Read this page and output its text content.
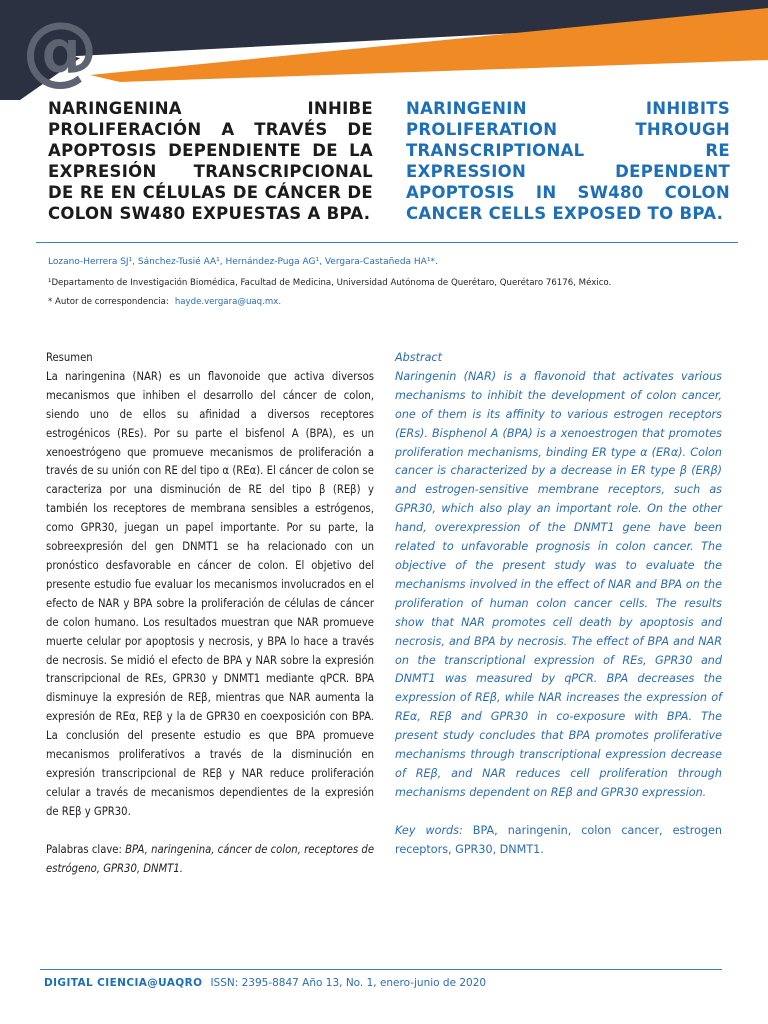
@
NARINGENINA INHIBE PROLIFERACIÓN A TRAVÉS DE APOPTOSIS DEPENDIENTE DE LA EXPRESIÓN TRANSCRIPCIONAL DE RE EN CÉLULAS DE CÁNCER DE COLON SW480 EXPUESTAS A BPA.
NARINGENIN INHIBITS PROLIFERATION THROUGH TRANSCRIPTIONAL RE EXPRESSION DEPENDENT APOPTOSIS IN SW480 COLON CANCER CELLS EXPOSED TO BPA.
Lozano-Herrera SJ¹, Sánchez-Tusié AA¹, Hernández-Puga AG¹, Vergara-Castañeda HA¹*.
¹Departamento de Investigación Biomédica, Facultad de Medicina, Universidad Autónoma de Querétaro, Querétaro 76176, México.
* Autor de correspondencia: hayde.vergara@uaq.mx.

Resumen

La naringenina (NAR) es un flavonoide que activa diversos mecanismos que inhiben el desarrollo del cáncer de colon, siendo uno de ellos su afinidad a diversos receptores estrogénicos (REs). Por su parte el bisfenol A (BPA), es un xenoestrógeno que promueve mecanismos de proliferación a través de su unión con RE del tipo α (REα). El cáncer de colon se caracteriza por una disminución de RE del tipo β (REβ) y también los receptores de membrana sensibles a estrógenos, como GPR30, juegan un papel importante. Por su parte, la sobreexpresión del gen DNMT1 se ha relacionado con un pronóstico desfavorable en cáncer de colon. El objetivo del presente estudio fue evaluar los mecanismos involucrados en el efecto de NAR y BPA sobre la proliferación de células de cáncer de colon humano. Los resultados muestran que NAR promueve muerte celular por apoptosis y necrosis, y BPA lo hace a través de necrosis. Se midió el efecto de BPA y NAR sobre la expresión transcripcional de REs, GPR30 y DNMT1 mediante qPCR. BPA disminuye la expresión de REβ, mientras que NAR aumenta la expresión de REα, REβ y la de GPR30 en coexposición con BPA. La conclusión del presente estudio es que BPA promueve mecanismos proliferativos a través de la disminución en expresión transcripcional de REβ y NAR reduce proliferación celular a través de mecanismos dependientes de la expresión de REβ y GPR30.

Palabras clave: BPA, naringenina, cáncer de colon, receptores de estrógeno, GPR30, DNMT1.

Abstract

Naringenin (NAR) is a flavonoid that activates various mechanisms to inhibit the development of colon cancer, one of them is its affinity to various estrogen receptors (ERs). Bisphenol A (BPA) is a xenoestrogen that promotes proliferation mechanisms, binding ER type α (ERα). Colon cancer is characterized by a decrease in ER type β (ERβ) and estrogen-sensitive membrane receptors, such as GPR30, which also play an important role. On the other hand, overexpression of the DNMT1 gene have been related to unfavorable prognosis in colon cancer. The objective of the present study was to evaluate the mechanisms involved in the effect of NAR and BPA on the proliferation of human colon cancer cells. The results show that NAR promotes cell death by apoptosis and necrosis, and BPA by necrosis. The effect of BPA and NAR on the transcriptional expression of REs, GPR30 and DNMT1 was measured by qPCR. BPA decreases the expression of REβ, while NAR increases the expression of REα, REβ and GPR30 in co-exposure with BPA. The present study concludes that BPA promotes proliferative mechanisms through transcriptional expression decrease of REβ, and NAR reduces cell proliferation through mechanisms dependent on REβ and GPR30 expression.

Key words: BPA, naringenin, colon cancer, estrogen receptors, GPR30, DNMT1.

DIGITAL CIENCIA@UAQRO ISSN: 2395-8847 Año 13, No. 1, enero-junio de 2020
